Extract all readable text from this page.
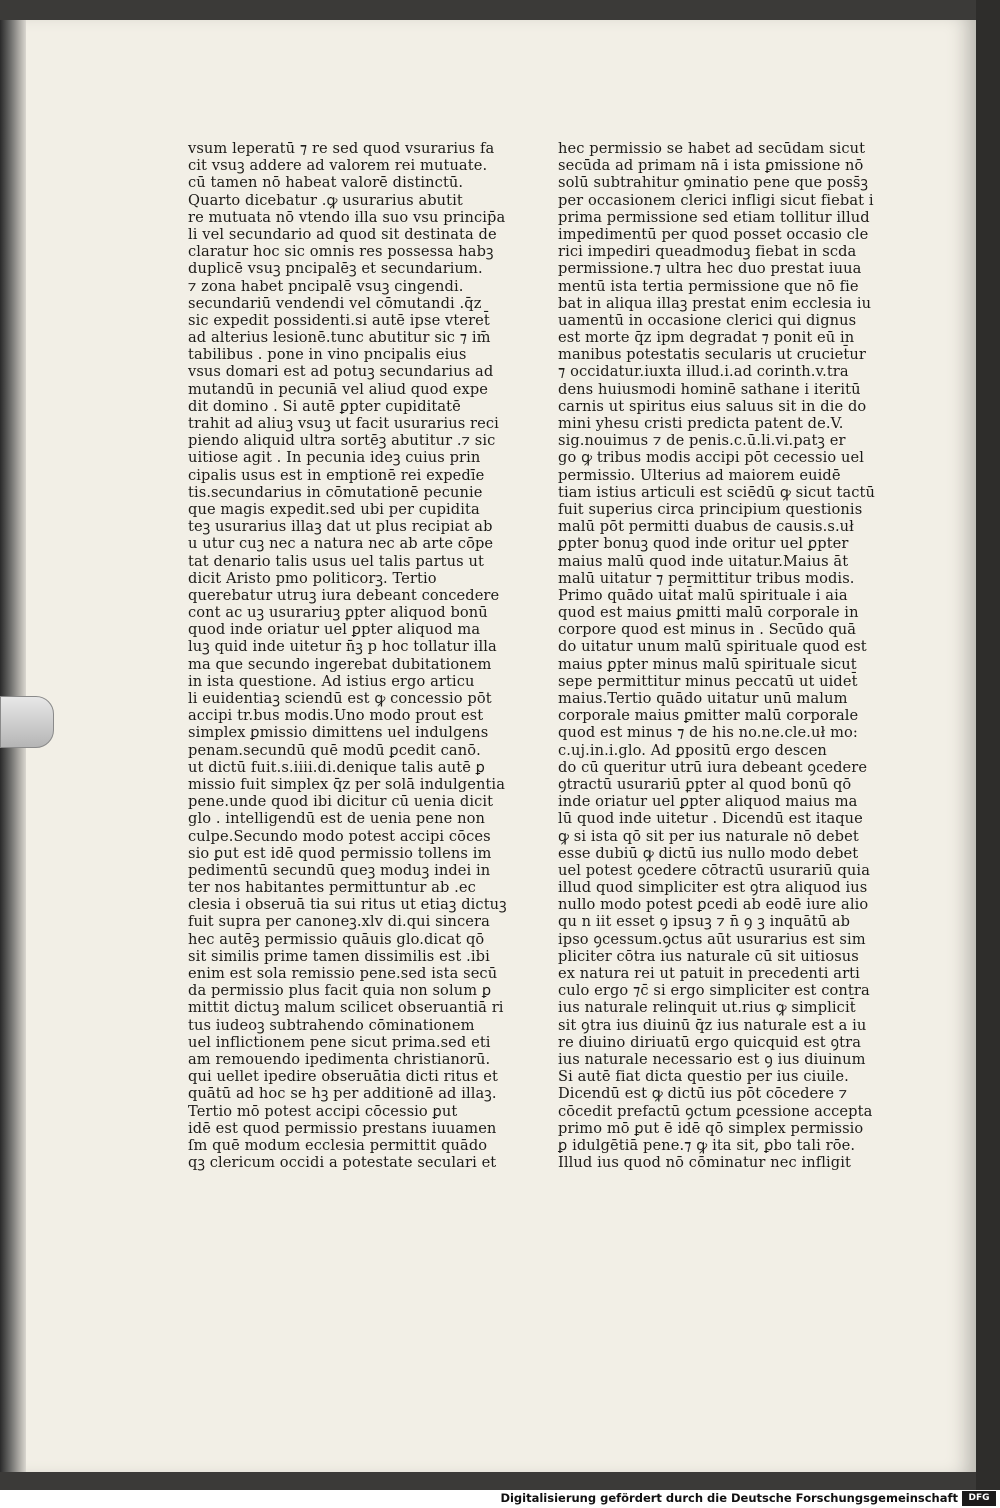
vsum leperatū ⁊ re sed quod vsurarius fa
cit vsuꝫ addere ad valorem rei mutuate.
cū tamen nō habeat valorē distinctū.
Quarto dicebatur .ꝙ usurarius abutit
re mutuata nō vtendo illa suo vsu princip̄a
li vel secundario ad quod sit destinata de
claratur hoc sic omnis res possessa habꝫ
duplicē vsuꝫ pncipalēꝫ et secundarium.
⁊ zona habet pncipalē vsuꝫ cingendi.
secundariū vendendi vel cōmutandi .q̄z
sic expedit possidenti.si autē ipse vteret̄
ad alterius lesionē.tunc abutitur sic ⁊ im̄
tabilibus . pone in vino pncipalis eius
vsus domari est ad potuꝫ secundarius ad
mutandū in pecuniā vel aliud quod expe
dit domino . Si autē ꝑpter cupiditatē
trahit ad aliuꝫ vsuꝫ ut facit usurarius reci
piendo aliquid ultra sortēꝫ abutitur .⁊ sic
uitiose agit . In pecunia ideꝫ cuius prin
cipalis usus est in emptionē rei expedīe
tis.secundarius in cōmutationē pecunie
que magis expedit.sed ubi per cupidita
teꝫ usurarius illaꝫ dat ut plus recipiat ab
u utur cuꝫ nec a natura nec ab arte cōpe
tat denario talis usus uel talis partus ut
dicit Aristo pmo politicorꝫ. Tertio
querebatur utruꝫ iura debeant concedere
cont ac uꝫ usurariuꝫ ꝑpter aliquod bonū
quod inde oriatur uel ꝑpter aliquod ma
luꝫ quid inde uitetur n̄ꝫ p hoc tollatur illa
ma que secundo ingerebat dubitationem
in ista questione. Ad istius ergo articu
li euidentiaꝫ sciendū est ꝙ concessio pōt
accipi tr.bus modis.Uno modo prout est
simplex ꝑmissio dimittens uel indulgens
penam.secundū quē modū ꝑcedit canō.
ut dictū fuit.s.iiii.di.denique talis autē ꝑ
missio fuit simplex q̄z per solā indulgentia
pene.unde quod ibi dicitur cū uenia dicit
glo . intelligendū est de uenia pene non
culpe.Secundo modo potest accipi cōces
sio ꝑut est idē quod permissio tollens im
pedimentū secundū queꝫ moduꝫ indei in
ter nos habitantes permittuntur ab .ec
clesia i obseruā tia sui ritus ut etiaꝫ dictuꝫ
fuit supra per canoneꝫ.xlv di.qui sincera
hec autēꝫ permissio quāuis glo.dicat qō
sit similis prime tamen dissimilis est .ibi
enim est sola remissio pene.sed ista secū
da permissio plus facit quia non solum ꝑ
mittit dictuꝫ malum scilicet obseruantiā ri
tus iudeoꝫ subtrahendo cōminationem
uel inflictionem pene sicut prima.sed eti
am remouendo ipedimenta christianorū.
qui uellet ipedire obseruātia dicti ritus et
quātū ad hoc se hꝫ per additionē ad illaꝫ.
Tertio mō potest accipi cōcessio ꝑut
idē est quod permissio prestans iuuamen
ſm quē modum ecclesia permittit quādo
qꝫ clericum occidi a potestate seculari et
hec permissio se habet ad secūdam sicut
secūda ad primam nā i ista ꝑmissione nō
solū subtrahitur ꝯminatio pene que poss̄ꝫ
per occasionem clerici infligi sicut fiebat i
prima permissione sed etiam tollitur illud
impedimentū per quod posset occasio cle
rici impediri queadmoduꝫ fiebat in scda
permissione.⁊ ultra hec duo prestat iuua
mentū ista tertia permissione que nō fie
bat in aliqua illaꝫ prestat enim ecclesia iu
uamentū in occasione clerici qui dignus
est morte q̄z ipm degradat ⁊ ponit eū in
manibus potestatis secularis ut cruciet̄ur
⁊ occidatur.iuxta illud.i.ad corinth.v.tra
dens huiusmodi hominē sathane i iteritū
carnis ut spiritus eius saluus sit in die do
mini yhesu cristi predicta patent de.V.
sig.nouimus ⁊ de penis.c.ū.li.vi.patꝫ er
go ꝙ tribus modis accipi pōt cecessio uel
permissio. Ulterius ad maiorem euidē
tiam istius articuli est sciēdū ꝙ sicut tactū
fuit superius circa principium questionis
malū pōt permitti duabus de causis.s.uł
ꝑpter bonuꝫ quod inde oritur uel ꝑpter
maius malū quod inde uitatur.Maius āt
malū uitatur ⁊ permittitur tribus modis.
Primo quādo uitat̄ malū spirituale i aia
quod est maius ꝑmitti malū corporale in
corpore quod est minus in . Secūdo quā
do uitatur unum malū spirituale quod est
maius ꝑpter minus malū spirituale sicut
sepe permittitur minus peccatū ut uidet̄
maius.Tertio quādo uitatur unū malum
corporale maius ꝑmitter malū corporale
quod est minus ⁊ de his no.ne.cle.uł mo:
c.uj.in.i.glo. Ad ꝑpositū ergo descen
do cū queritur utrū iura debeant ꝯcedere
ꝯtractū usurariū ꝑpter al quod bonū qō
inde oriatur uel ꝑpter aliquod maius ma
lū quod inde uitetur . Dicendū est itaque
ꝙ si ista qō sit per ius naturale nō debet
esse dubiū ꝙ dictū ius nullo modo debet
uel potest ꝯcedere cōtractū usurariū quia
illud quod simpliciter est ꝯtra aliquod ius
nullo modo potest ꝑcedi ab eodē iure alio
qu n iit esset ꝯ ipsuꝫ ⁊ n̄ ꝯ ꝫ inquātū ab
ipso ꝯcessum.ꝯctus aūt usurarius est sim
pliciter cōtra ius naturale cū sit uitiosus
ex natura rei ut patuit in precedenti arti
culo ergo ⁊c̄ si ergo simpliciter est contra
ius naturale relinquit ut.rius ꝙ simplicit̄
sit ꝯtra ius diuinū q̄z ius naturale est a iu
re diuino diriuatū ergo quicquid est ꝯtra
ius naturale necessario est ꝯ ius diuinum
Si autē fiat dicta questio per ius ciuile.
Dicendū est ꝙ dictū ius pōt cōcedere ⁊
cōcedit prefactū ꝯctum ꝑcessione accepta
primo mō ꝑut ē idē qō simplex permissio
ꝑ idulgētiā pene.⁊ ꝙ ita sit, ꝑbo tali rōe.
Illud ius quod nō cōminatur nec infligit
Digitalisierung gefördert durch die Deutsche Forschungsgemeinschaft	DFG
